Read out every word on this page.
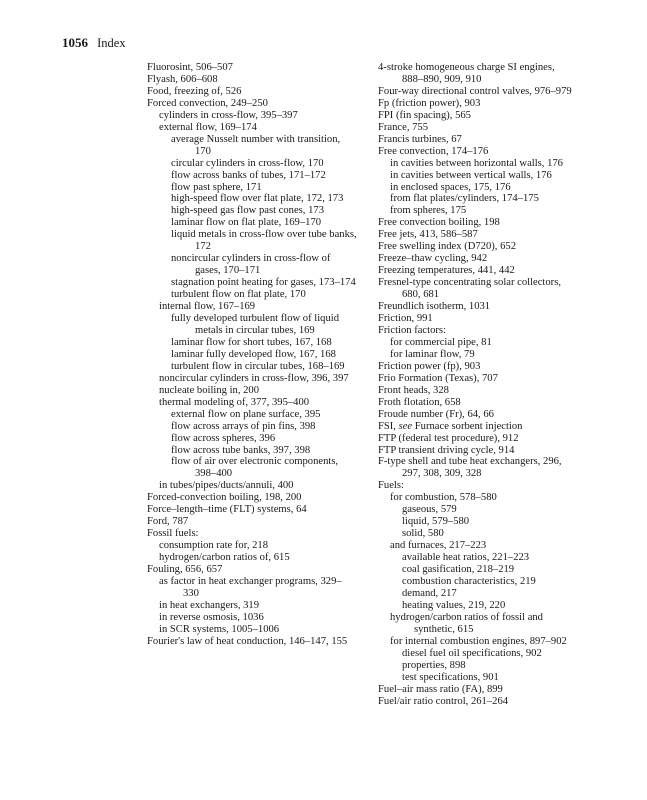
1056 Index

Fluorosint, 506–507

Flyash, 606–608

Food, freezing of, 526

Forced convection, 249–250

cylinders in cross-flow, 395–397

external flow, 169–174

average Nusselt number with transition, 170

circular cylinders in cross-flow, 170

flow across banks of tubes, 171–172

flow past sphere, 171

high-speed flow over flat plate, 172, 173

high-speed gas flow past cones, 173

laminar flow on flat plate, 169–170

liquid metals in cross-flow over tube banks, 172

noncircular cylinders in cross-flow of gases, 170–171

stagnation point heating for gases, 173–174

turbulent flow on flat plate, 170

internal flow, 167–169

fully developed turbulent flow of liquid metals in circular tubes, 169

laminar flow for short tubes, 167, 168

laminar fully developed flow, 167, 168

turbulent flow in circular tubes, 168–169

noncircular cylinders in cross-flow, 396, 397

nucleate boiling in, 200

thermal modeling of, 377, 395–400

external flow on plane surface, 395

flow across arrays of pin fins, 398

flow across spheres, 396

flow across tube banks, 397, 398

flow of air over electronic components, 398–400

in tubes/pipes/ducts/annuli, 400

Forced-convection boiling, 198, 200

Force–length–time (FLT) systems, 64

Ford, 787

Fossil fuels:

consumption rate for, 218

hydrogen/carbon ratios of, 615

Fouling, 656, 657

as factor in heat exchanger programs, 329–330

in heat exchangers, 319

in reverse osmosis, 1036

in SCR systems, 1005–1006

Fourier's law of heat conduction, 146–147, 155

4-stroke homogeneous charge SI engines, 888–890, 909, 910

Four-way directional control valves, 976–979

Fp (friction power), 903

FPI (fin spacing), 565

France, 755

Francis turbines, 67

Free convection, 174–176

in cavities between horizontal walls, 176

in cavities between vertical walls, 176

in enclosed spaces, 175, 176

from flat plates/cylinders, 174–175

from spheres, 175

Free convection boiling, 198

Free jets, 413, 586–587

Free swelling index (D720), 652

Freeze–thaw cycling, 942

Freezing temperatures, 441, 442

Fresnel-type concentrating solar collectors, 680, 681

Freundlich isotherm, 1031

Friction, 991

Friction factors:

for commercial pipe, 81

for laminar flow, 79

Friction power (fp), 903

Frio Formation (Texas), 707

Front heads, 328

Froth flotation, 658

Froude number (Fr), 64, 66

FSI, see Furnace sorbent injection

FTP (federal test procedure), 912

FTP transient driving cycle, 914

F-type shell and tube heat exchangers, 296, 297, 308, 309, 328

Fuels:

for combustion, 578–580

gaseous, 579

liquid, 579–580

solid, 580

and furnaces, 217–223

available heat ratios, 221–223

coal gasification, 218–219

combustion characteristics, 219

demand, 217

heating values, 219, 220

hydrogen/carbon ratios of fossil and synthetic, 615

for internal combustion engines, 897–902

diesel fuel oil specifications, 902

properties, 898

test specifications, 901

Fuel–air mass ratio (FA), 899

Fuel/air ratio control, 261–264
